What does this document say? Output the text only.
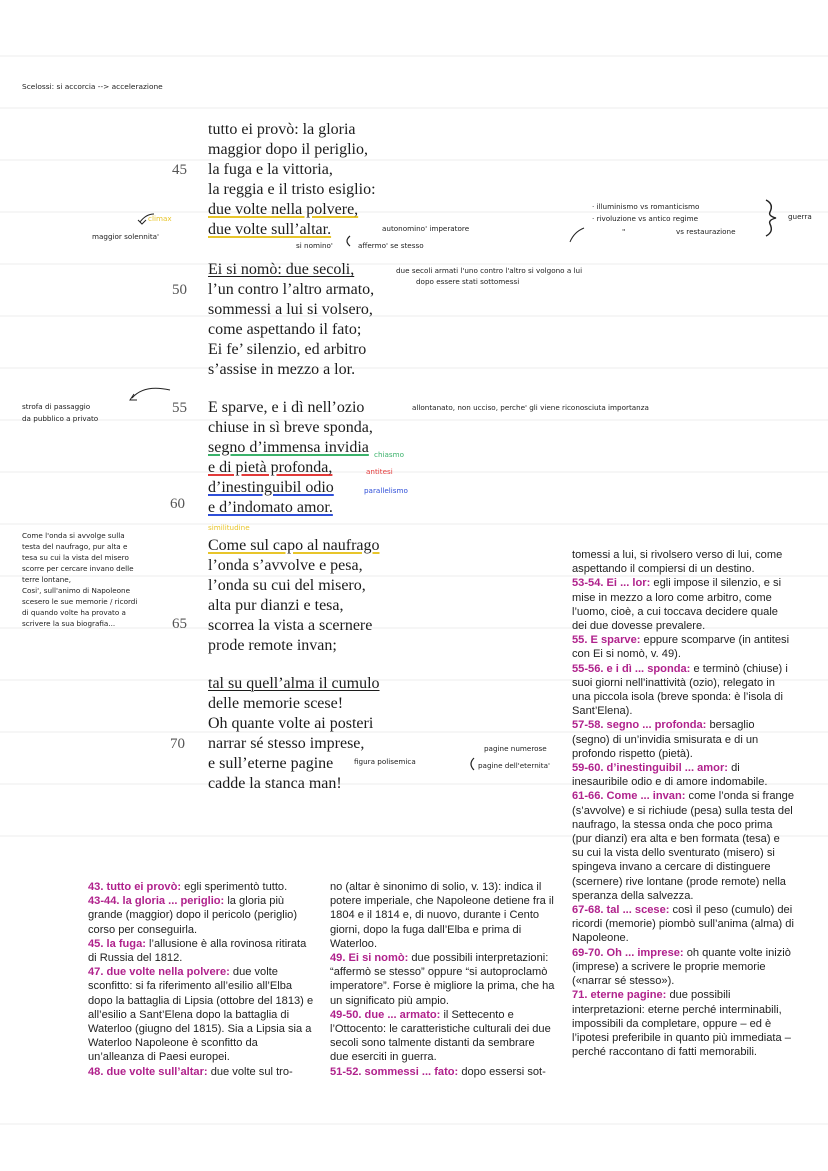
Scelossi: si accorcia --> accelerazione
tutto ei provò: la gloria
maggior dopo il periglio,
la fuga e la vittoria,
la reggia e il tristo esiglio:
due volte nella polvere,
due volte sull’altar.
Ei si nomò: due secoli,
l’un contro l’altro armato,
sommessi a lui si volsero,
come aspettando il fato;
Ei fe’ silenzio, ed arbitro
s’assise in mezzo a lor.
E sparve, e i dì nell’ozio
chiuse in sì breve sponda,
segno d’immensa invidia
e di pietà profonda,
d’inestinguibil odio
e d’indomato amor.
Come sul capo al naufrago
l’onda s’avvolve e pesa,
l’onda su cui del misero,
alta pur dianzi e tesa,
scorrea la vista a scernere
prode remote invan;
tal su quell’alma il cumulo
delle memorie scese!
Oh quante volte ai posteri
narrar sé stesso imprese,
e sull’eterne pagine
cadde la stanca man!
45
50
55
60
65
70
climax
maggior solennita'
autonomino' imperatore
si nomino'	affermo' se stesso
· illuminismo vs romanticismo
· rivoluzione vs antico regime
"	vs restaurazione
guerra
due secoli armati l'uno contro l'altro si volgono a lui
dopo essere stati sottomessi
allontanato, non ucciso, perche' gli viene riconosciuta importanza
strofa di passaggio
da pubblico a privato
chiasmo
antitesi
parallelismo
similitudine
Come l'onda si avvolge sulla
testa del naufrago, pur alta e
tesa su cui la vista del misero
scorre per cercare invano delle
terre lontane,
Cosi', sull'animo di Napoleone
scesero le sue memorie / ricordi
di quando volte ha provato a
scrivere la sua biografia...
figura polisemica
pagine numerose
pagine dell'eternita'

tomessi a lui, si rivolsero verso di lui, come aspettando il compiersi di un destino.

53-54. Ei ... lor: egli impose il silenzio, e si mise in mezzo a loro come arbitro, come l’uomo, cioè, a cui toccava decidere quale dei due dovesse prevalere.

55. E sparve: eppure scomparve (in antitesi con Ei si nomò, v. 49).

55-56. e i dì ... sponda: e terminò (chiuse) i suoi giorni nell’inattività (ozio), relegato in una piccola isola (breve sponda: è l’isola di Sant’Elena).

57-58. segno ... profonda: bersaglio (segno) di un’invidia smisurata e di un profondo rispetto (pietà).

59-60. d’inestinguibil ... amor: di inesauribile odio e di amore indomabile.

61-66. Come ... invan: come l’onda si frange (s’avvolve) e si richiude (pesa) sulla testa del naufrago, la stessa onda che poco prima (pur dianzi) era alta e ben formata (tesa) e su cui la vista dello sventurato (misero) si spingeva invano a cercare di distinguere (scernere) rive lontane (prode remote) nella speranza della salvezza.

67-68. tal ... scese: così il peso (cumulo) dei ricordi (memorie) piombò sull’anima (alma) di Napoleone.

69-70. Oh ... imprese: oh quante volte iniziò (imprese) a scrivere le proprie memorie («narrar sé stesso»).

71. eterne pagine: due possibili interpretazioni: eterne perché interminabili, impossibili da completare, oppure – ed è l’ipotesi preferibile in quanto più immediata – perché raccontano di fatti memorabili.

43. tutto ei provò: egli sperimentò tutto.

43-44. la gloria ... periglio: la gloria più grande (maggior) dopo il pericolo (periglio) corso per conseguirla.

45. la fuga: l’allusione è alla rovinosa ritirata di Russia del 1812.

47. due volte nella polvere: due volte sconfitto: si fa riferimento all’esilio all’Elba dopo la battaglia di Lipsia (ottobre del 1813) e all’esilio a Sant’Elena dopo la battaglia di Waterloo (giugno del 1815). Sia a Lipsia sia a Waterloo Napoleone è sconfitto da un’alleanza di Paesi europei.

48. due volte sull’altar: due volte sul tro-

no (altar è sinonimo di solio, v. 13): indica il potere imperiale, che Napoleone detiene fra il 1804 e il 1814 e, di nuovo, durante i Cento giorni, dopo la fuga dall’Elba e prima di Waterloo.

49. Ei si nomò: due possibili interpretazioni: “affermò se stesso” oppure “si autoproclamò imperatore”. Forse è migliore la prima, che ha un significato più ampio.

49-50. due ... armato: il Settecento e l’Ottocento: le caratteristiche culturali dei due secoli sono talmente distanti da sembrare due eserciti in guerra.

51-52. sommessi ... fato: dopo essersi sot-
